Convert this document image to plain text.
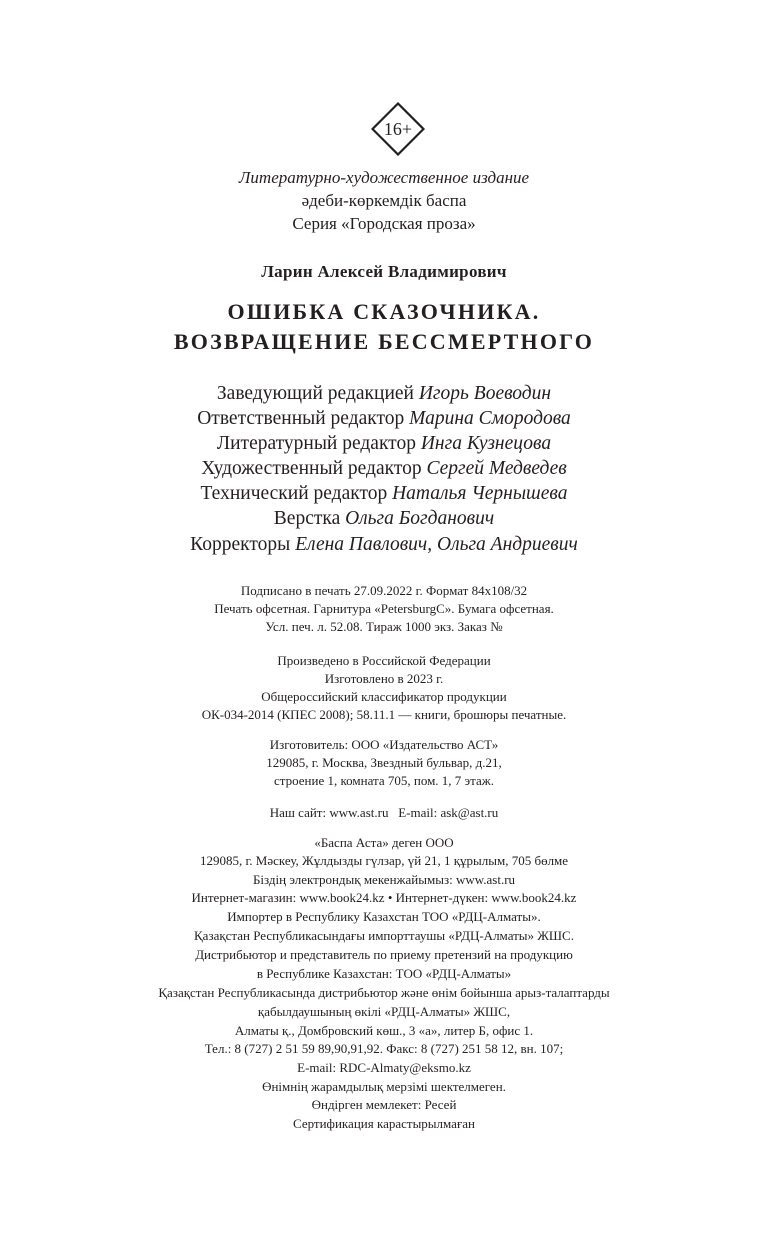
16+
Литературно-художественное издание
әдеби-көркемдік баспа
Серия «Городская проза»
Ларин Алексей Владимирович
ОШИБКА СКАЗОЧНИКА.
ВОЗВРАЩЕНИЕ БЕССМЕРТНОГО
Заведующий редакцией Игорь Воеводин
Ответственный редактор Марина Смородова
Литературный редактор Инга Кузнецова
Художественный редактор Сергей Медведев
Технический редактор Наталья Чернышева
Верстка Ольга Богданович
Корректоры Елена Павлович, Ольга Андриевич
Подписано в печать 27.09.2022 г. Формат 84x108/32
Печать офсетная. Гарнитура «PetersburgC». Бумага офсетная.
Усл. печ. л. 52.08. Тираж 1000 экз. Заказ №
Произведено в Российской Федерации
Изготовлено в 2023 г.
Общероссийский классификатор продукции
ОК-034-2014 (КПЕС 2008); 58.11.1 — книги, брошюры печатные.
Изготовитель: ООО «Издательство АСТ»
129085, г. Москва, Звездный бульвар, д.21,
строение 1, комната 705, пом. 1, 7 этаж.
Наш сайт: www.ast.ru E-mail: ask@ast.ru
«Баспа Аста» деген ООО
129085, г. Мәскеу, Жұлдызды гүлзар, үй 21, 1 құрылым, 705 бөлме
Біздің электрондық мекенжайымыз: www.ast.ru
Интернет-магазин: www.book24.kz • Интернет-дүкен: www.book24.kz
Импортер в Республику Казахстан ТОО «РДЦ-Алматы».
Қазақстан Республикасындағы импорттаушы «РДЦ-Алматы» ЖШС.
Дистрибьютор и представитель по приему претензий на продукцию
в Республике Казахстан: ТОО «РДЦ-Алматы»
Қазақстан Республикасында дистрибьютор және өнім бойынша арыз-талаптарды
қабылдаушының өкілі «РДЦ-Алматы» ЖШС,
Алматы қ., Домбровский көш., 3 «а», литер Б, офис 1.
Тел.: 8 (727) 2 51 59 89,90,91,92. Факс: 8 (727) 251 58 12, вн. 107;
E-mail: RDC-Almaty@eksmo.kz
Өнімнің жарамдылық мерзімі шектелмеген.
Өндірген мемлекет: Ресей
Сертификация карастырылмаған
